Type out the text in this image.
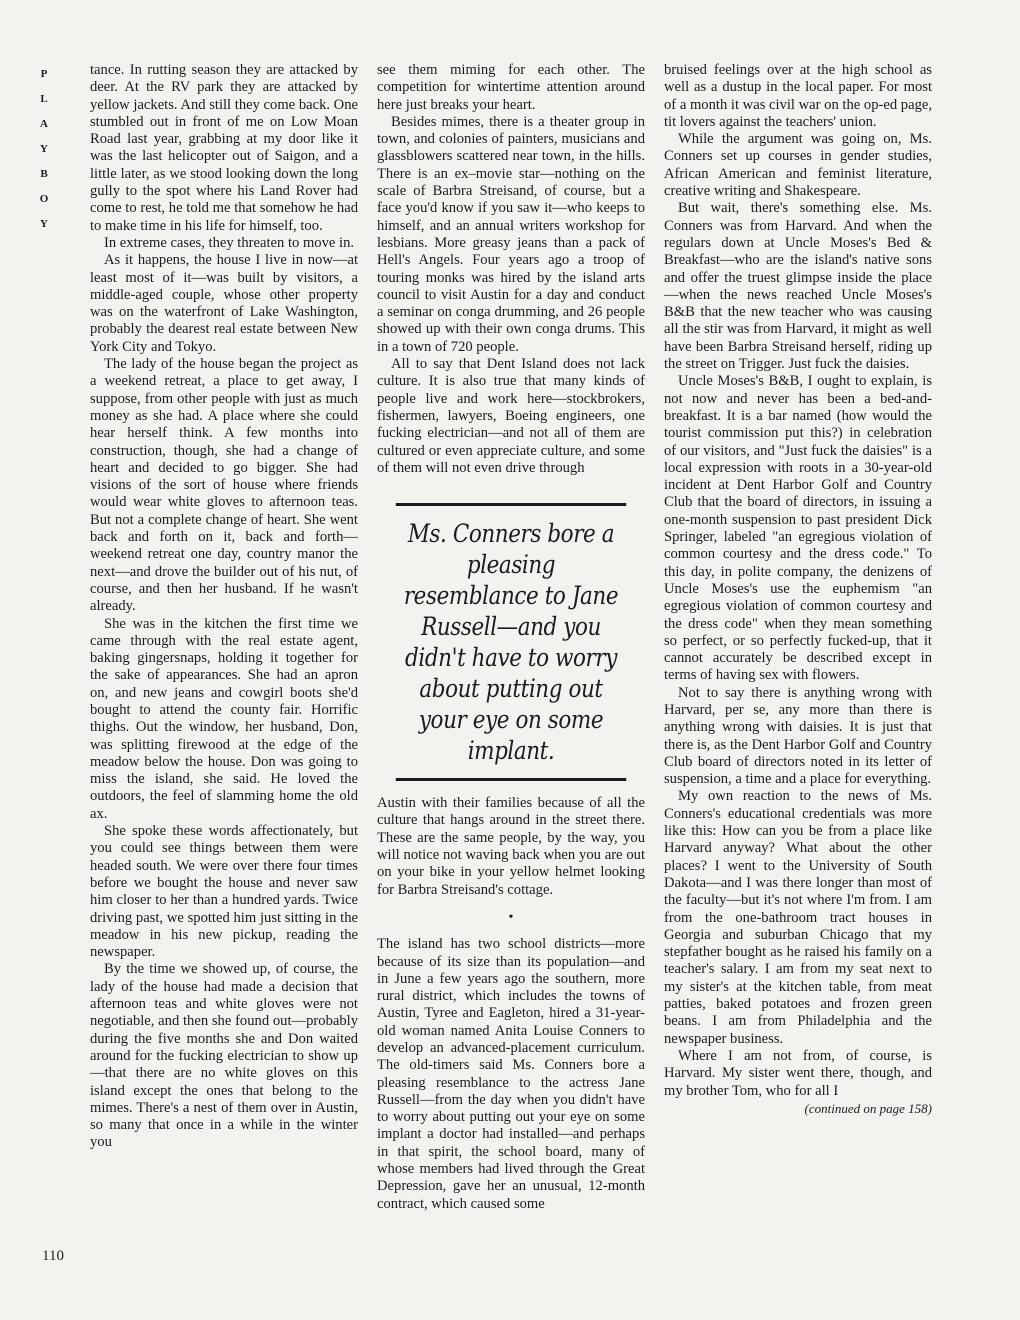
P
L
A
Y
B
O
Y
110

tance. In rutting season they are attacked by deer. At the RV park they are attacked by yellow jackets. And still they come back. One stumbled out in front of me on Low Moan Road last year, grabbing at my door like it was the last helicopter out of Saigon, and a little later, as we stood looking down the long gully to the spot where his Land Rover had come to rest, he told me that somehow he had to make time in his life for himself, too.

In extreme cases, they threaten to move in.

As it happens, the house I live in now—at least most of it—was built by visitors, a middle-aged couple, whose other property was on the waterfront of Lake Washington, probably the dearest real estate between New York City and Tokyo.

The lady of the house began the project as a weekend retreat, a place to get away, I suppose, from other people with just as much money as she had. A place where she could hear herself think. A few months into construction, though, she had a change of heart and decided to go bigger. She had visions of the sort of house where friends would wear white gloves to afternoon teas. But not a complete change of heart. She went back and forth on it, back and forth—weekend retreat one day, country manor the next—and drove the builder out of his nut, of course, and then her husband. If he wasn't already.

She was in the kitchen the first time we came through with the real estate agent, baking gingersnaps, holding it together for the sake of appearances. She had an apron on, and new jeans and cowgirl boots she'd bought to attend the county fair. Horrific thighs. Out the window, her husband, Don, was splitting firewood at the edge of the meadow below the house. Don was going to miss the island, she said. He loved the outdoors, the feel of slamming home the old ax.

She spoke these words affectionately, but you could see things between them were headed south. We were over there four times before we bought the house and never saw him closer to her than a hundred yards. Twice driving past, we spotted him just sitting in the meadow in his new pickup, reading the newspaper.

By the time we showed up, of course, the lady of the house had made a decision that afternoon teas and white gloves were not negotiable, and then she found out—probably during the five months she and Don waited around for the fucking electrician to show up—that there are no white gloves on this island except the ones that belong to the mimes. There's a nest of them over in Austin, so many that once in a while in the winter you

see them miming for each other. The competition for wintertime attention around here just breaks your heart.

Besides mimes, there is a theater group in town, and colonies of painters, musicians and glassblowers scattered near town, in the hills. There is an ex–movie star—nothing on the scale of Barbra Streisand, of course, but a face you'd know if you saw it—who keeps to himself, and an annual writers workshop for lesbians. More greasy jeans than a pack of Hell's Angels. Four years ago a troop of touring monks was hired by the island arts council to visit Austin for a day and conduct a seminar on conga drumming, and 26 people showed up with their own conga drums. This in a town of 720 people.

All to say that Dent Island does not lack culture. It is also true that many kinds of people live and work here—stockbrokers, fishermen, lawyers, Boeing engineers, one fucking electrician—and not all of them are cultured or even appreciate culture, and some of them will not even drive through

Ms. Conners bore a pleasing resemblance to Jane Russell—and you didn't have to worry about putting out your eye on some implant.

Austin with their families because of all the culture that hangs around in the street there. These are the same people, by the way, you will notice not waving back when you are out on your bike in your yellow helmet looking for Barbra Streisand's cottage.

•

The island has two school districts—more because of its size than its population—and in June a few years ago the southern, more rural district, which includes the towns of Austin, Tyree and Eagleton, hired a 31-year-old woman named Anita Louise Conners to develop an advanced-placement curriculum. The old-timers said Ms. Conners bore a pleasing resemblance to the actress Jane Russell—from the day when you didn't have to worry about putting out your eye on some implant a doctor had installed—and perhaps in that spirit, the school board, many of whose members had lived through the Great Depression, gave her an unusual, 12-month contract, which caused some

bruised feelings over at the high school as well as a dustup in the local paper. For most of a month it was civil war on the op-ed page, tit lovers against the teachers' union.

While the argument was going on, Ms. Conners set up courses in gender studies, African American and feminist literature, creative writing and Shakespeare.

But wait, there's something else. Ms. Conners was from Harvard. And when the regulars down at Uncle Moses's Bed & Breakfast—who are the island's native sons and offer the truest glimpse inside the place—when the news reached Uncle Moses's B&B that the new teacher who was causing all the stir was from Harvard, it might as well have been Barbra Streisand herself, riding up the street on Trigger. Just fuck the daisies.

Uncle Moses's B&B, I ought to explain, is not now and never has been a bed-and-breakfast. It is a bar named (how would the tourist commission put this?) in celebration of our visitors, and "Just fuck the daisies" is a local expression with roots in a 30-year-old incident at Dent Harbor Golf and Country Club that the board of directors, in issuing a one-month suspension to past president Dick Springer, labeled "an egregious violation of common courtesy and the dress code." To this day, in polite company, the denizens of Uncle Moses's use the euphemism "an egregious violation of common courtesy and the dress code" when they mean something so perfect, or so perfectly fucked-up, that it cannot accurately be described except in terms of having sex with flowers.

Not to say there is anything wrong with Harvard, per se, any more than there is anything wrong with daisies. It is just that there is, as the Dent Harbor Golf and Country Club board of directors noted in its letter of suspension, a time and a place for everything.

My own reaction to the news of Ms. Conners's educational credentials was more like this: How can you be from a place like Harvard anyway? What about the other places? I went to the University of South Dakota—and I was there longer than most of the faculty—but it's not where I'm from. I am from the one-bathroom tract houses in Georgia and suburban Chicago that my stepfather bought as he raised his family on a teacher's salary. I am from my seat next to my sister's at the kitchen table, from meat patties, baked potatoes and frozen green beans. I am from Philadelphia and the newspaper business.

Where I am not from, of course, is Harvard. My sister went there, though, and my brother Tom, who for all I

(continued on page 158)
